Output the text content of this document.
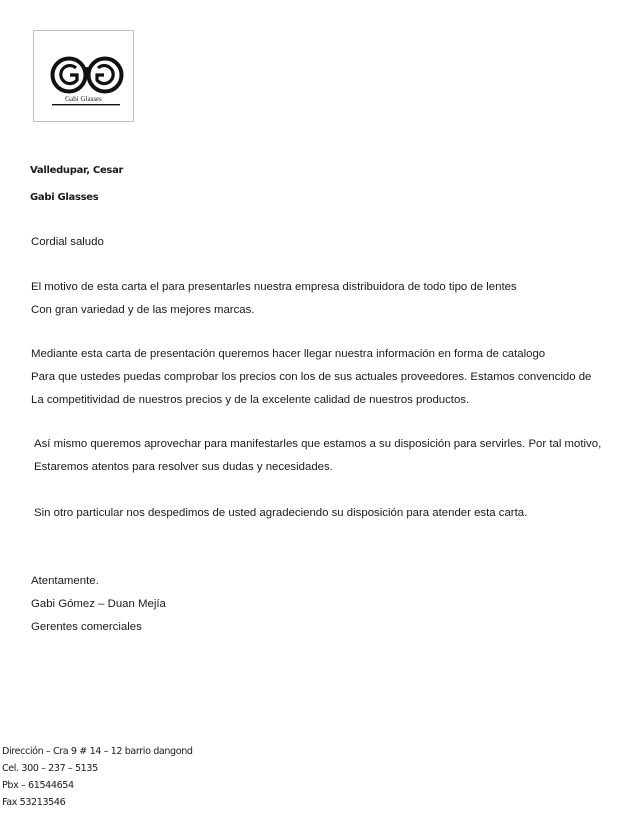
Gabi Glasses
Valledupar, Cesar
Gabi Glasses
Cordial saludo
El motivo de esta carta el para presentarles nuestra empresa distribuidora de todo tipo de lentes
Con gran variedad y de las mejores marcas.
Mediante esta carta de presentación queremos hacer llegar nuestra información en forma de catalogo
Para que ustedes puedas comprobar los precios con los de sus actuales proveedores. Estamos convencido de
La competitividad de nuestros precios y de la excelente calidad de nuestros productos.
Así mismo queremos aprovechar para manifestarles que estamos a su disposición para servirles. Por tal motivo,
Estaremos atentos para resolver sus dudas y necesidades.
Sin otro particular nos despedimos de usted agradeciendo su disposición para atender esta carta.
Atentamente.
Gabi Gómez – Duan Mejía
Gerentes comerciales
Dirección – Cra 9 # 14 – 12 barrio dangond
Cel. 300 – 237 – 5135
Pbx – 61544654
Fax 53213546
